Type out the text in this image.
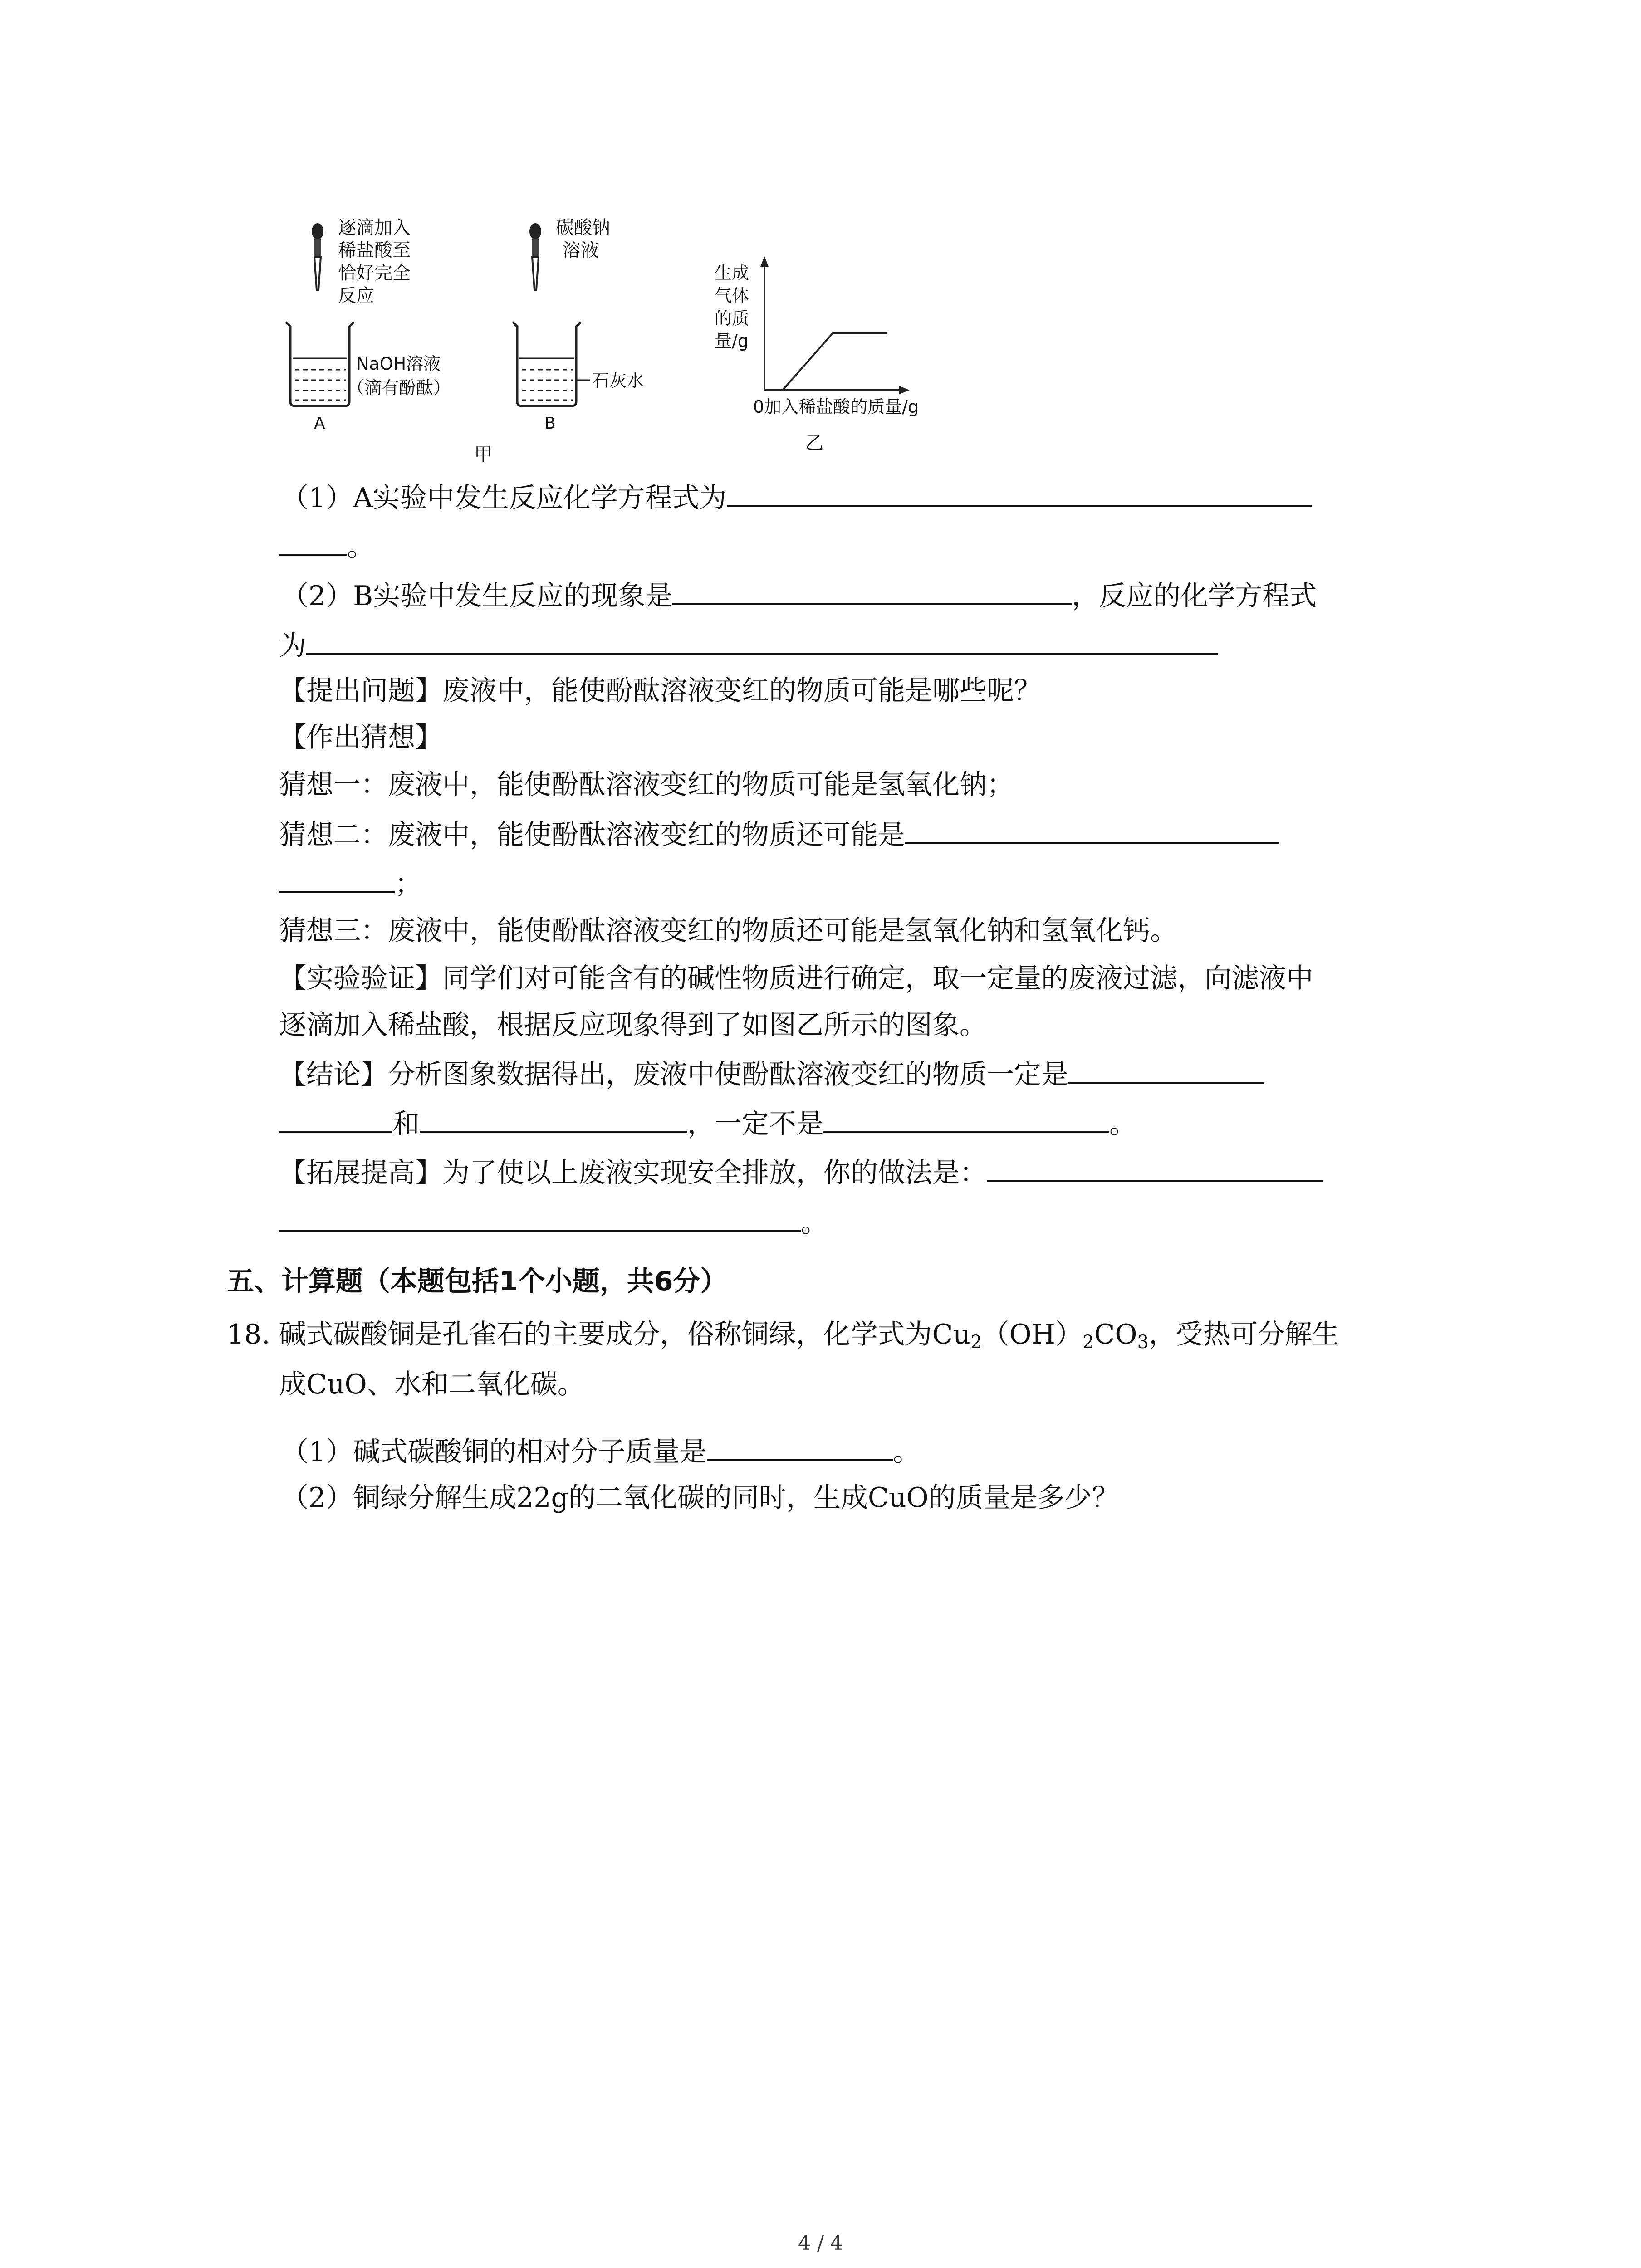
逐滴加入
稀盐酸至
恰好完全
反应
NaOH溶液
（滴有酚酞）
A
碳酸钠
溶液
石灰水
B
甲
生成
气体
的质
量/g
0加入稀盐酸的质量/g
乙
（1）A实验中发生反应化学方程式为
。
（2）B实验中发生反应的现象是	，反应的化学方程式
为
【提出问题】废液中，能使酚酞溶液变红的物质可能是哪些呢？
【作出猜想】
猜想一：废液中，能使酚酞溶液变红的物质可能是氢氧化钠；
猜想二：废液中，能使酚酞溶液变红的物质还可能是
；
猜想三：废液中，能使酚酞溶液变红的物质还可能是氢氧化钠和氢氧化钙。
【实验验证】同学们对可能含有的碱性物质进行确定，取一定量的废液过滤，向滤液中
逐滴加入稀盐酸，根据反应现象得到了如图乙所示的图象。
【结论】分析图象数据得出，废液中使酚酞溶液变红的物质一定是
和	，一定不是	。
【拓展提高】为了使以上废液实现安全排放，你的做法是：
。
五、计算题（本题包括1个小题，共6分）
18. 碱式碳酸铜是孔雀石的主要成分，俗称铜绿，化学式为$Cu_2(OH)_2CO_3$，受热可分解生
成CuO、水和二氧化碳。
（1）碱式碳酸铜的相对分子质量是	。
（2）铜绿分解生成22g的二氧化碳的同时，生成CuO的质量是多少？
4 / 4
